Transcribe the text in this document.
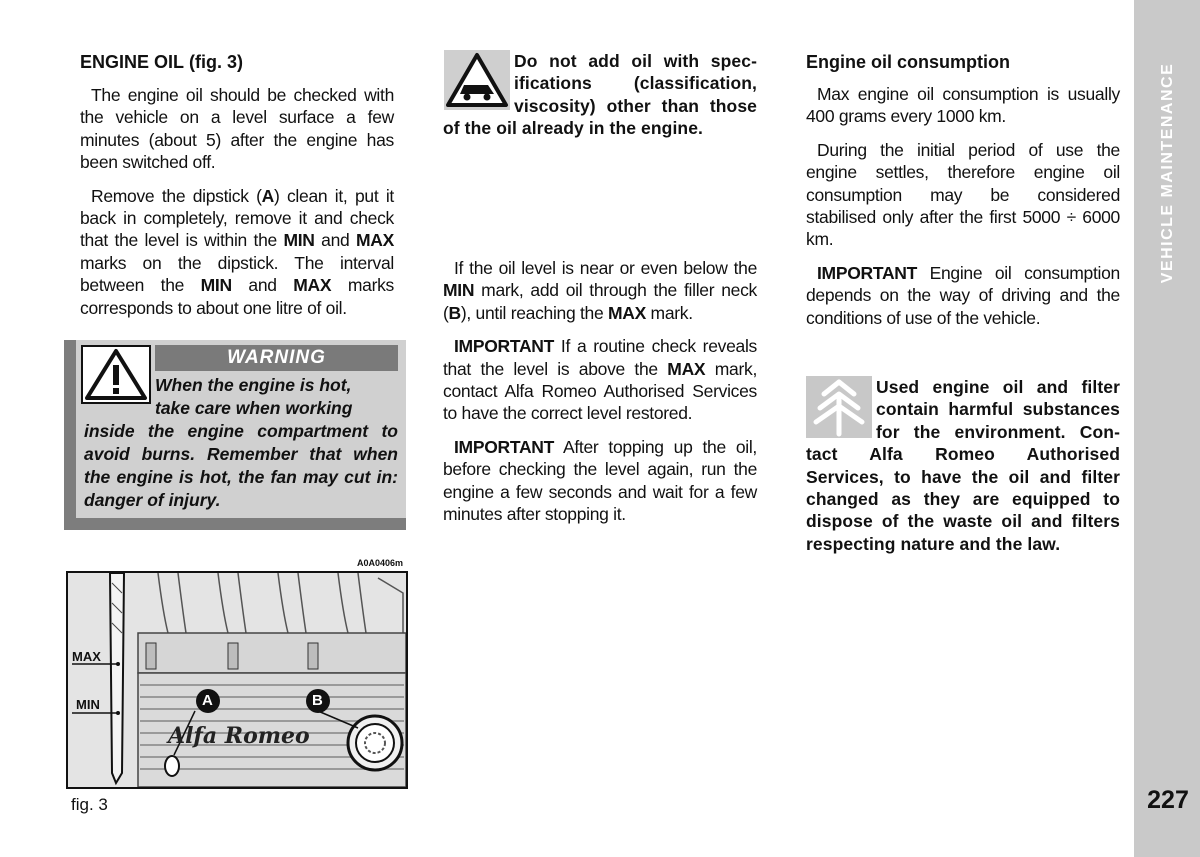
VEHICLE MAINTENANCE
227
ENGINE OIL (fig. 3)

The engine oil should be checked with the vehicle on a level surface a few minutes (about 5) after the engine has been switched off.

Remove the dipstick (A) clean it, put it back in completely, remove it and check that the level is within the MIN and MAX marks on the dipstick. The interval between the MIN and MAX marks corresponds to about one litre of oil.

WARNING
When the engine is hot,
take care when working
inside the engine compartment to avoid burns. Remember that when the engine is hot, the fan may cut in: danger of injury.
A0A0406m
MAX
MIN	A	B
Alfa Romeo
fig. 3
Do not add oil with spec-
ifications (classification,
viscosity) other than those
of the oil already in the engine.

If the oil level is near or even below the MIN mark, add oil through the filler neck (B), until reaching the MAX mark.

IMPORTANT If a routine check reveals that the level is above the MAX mark, contact Alfa Romeo Authorised Services to have the correct level restored.

IMPORTANT After topping up the oil, before checking the level again, run the engine a few seconds and wait for a few minutes after stopping it.

Engine oil consumption

Max engine oil consumption is usually 400 grams every 1000 km.

During the initial period of use the engine settles, therefore engine oil consumption may be considered stabilised only after the first 5000 ÷ 6000 km.

IMPORTANT Engine oil consumption depends on the way of driving and the conditions of use of the vehicle.

Used engine oil and filter
contain harmful substances
for the environment. Con-
tact Alfa Romeo Authorised Services, to have the oil and filter changed as they are equipped to dispose of the waste oil and filters respecting nature and the law.
